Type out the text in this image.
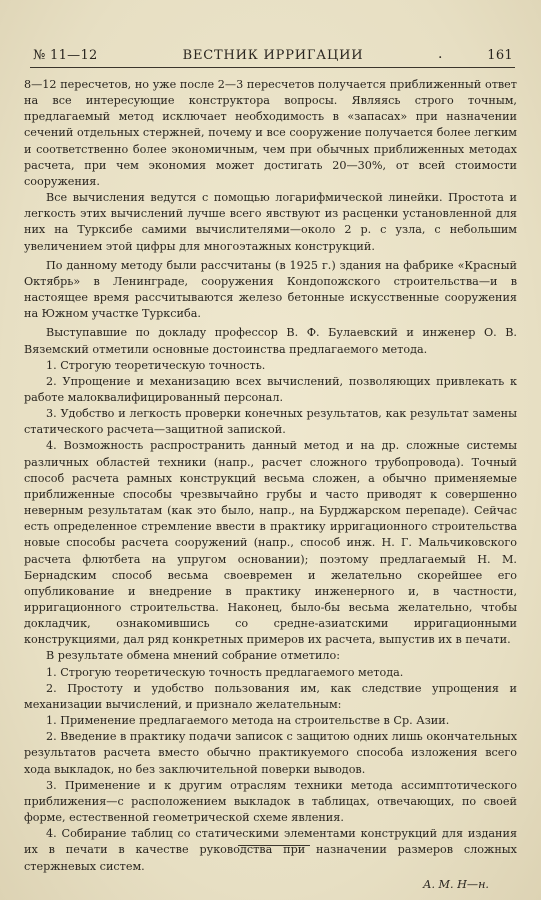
№ 11—12	ВЕСТНИК ИРРИГАЦИИ	.	161

8—12 пересчетов, но уже после 2—3 пересчетов получается приближенный ответ на все интересующие конструктора вопросы. Являясь строго точным, предлагаемый метод исключает необходимость в «запасах» при назначении сечений отдельных стержней, почему и все сооружение получается более легким и соответственно более экономичным, чем при обычных приближенных методах расчета, при чем экономия может достигать 20—30%, от всей стоимости сооружения.

Все вычисления ведутся с помощью логарифмической линейки. Простота и легкость этих вычислений лучше всего явствуют из расценки установленной для них на Турксибе самими вычислителями—около 2 р. с узла, с небольшим увеличением этой цифры для многоэтажных конструкций.

По данному методу были рассчитаны (в 1925 г.) здания на фабрике «Красный Октябрь» в Ленинграде, сооружения Кондопожского строительства—и в настоящее время рассчитываются железо бетонные искусственные сооружения на Южном участке Турксиба.

Выступавшие по докладу профессор В. Ф. Булаевский и инженер О. В. Вяземский отметили основные достоинства предлагаемого метода.

1. Строгую теоретическую точность.

2. Упрощение и механизацию всех вычислений, позволяющих привлекать к работе малоквалифицированный персонал.

3. Удобство и легкость проверки конечных результатов, как результат замены статического расчета—защитной запиской.

4. Возможность распространить данный метод и на др. сложные системы различных областей техники (напр., расчет сложного трубопровода). Точный способ расчета рамных конструкций весьма сложен, а обычно применяемые приближенные способы чрезвычайно грубы и часто приводят к совершенно неверным результатам (как это было, напр., на Бурджарском перепаде). Сейчас есть определенное стремление ввести в практику ирригационного строительства новые способы расчета сооружений (напр., способ инж. Н. Г. Мальчиковского расчета флютбета на упругом основании); поэтому предлагаемый Н. М. Бернадским способ весьма своевремен и желательно скорейшее его опубликование и внедрение в практику инженерного и, в частности, ирригационного строительства. Наконец, было-бы весьма желательно, чтобы докладчик, ознакомившись со средне-азиатскими ирригационными конструкциями, дал ряд конкретных примеров их расчета, выпустив их в печати.

В результате обмена мнений собрание отметило:

1. Строгую теоретическую точность предлагаемого метода.

2. Простоту и удобство пользования им, как следствие упрощения и механизации вычислений, и признало желательным:

1. Применение предлагаемого метода на строительстве в Ср. Азии.

2. Введение в практику подачи записок с защитою одних лишь окончательных результатов расчета вместо обычно практикуемого способа изложения всего хода выкладок, но без заключительной поверки выводов.

3. Применение и к другим отраслям техники метода ассимптотического приближения—с расположением выкладок в таблицах, отвечающих, по своей форме, естественной геометрической схеме явления.

4. Собирание таблиц со статическими элементами конструкций для издания их в печати в качестве руководства при назначении размеров сложных стержневых систем.

А. М. Н—н.
